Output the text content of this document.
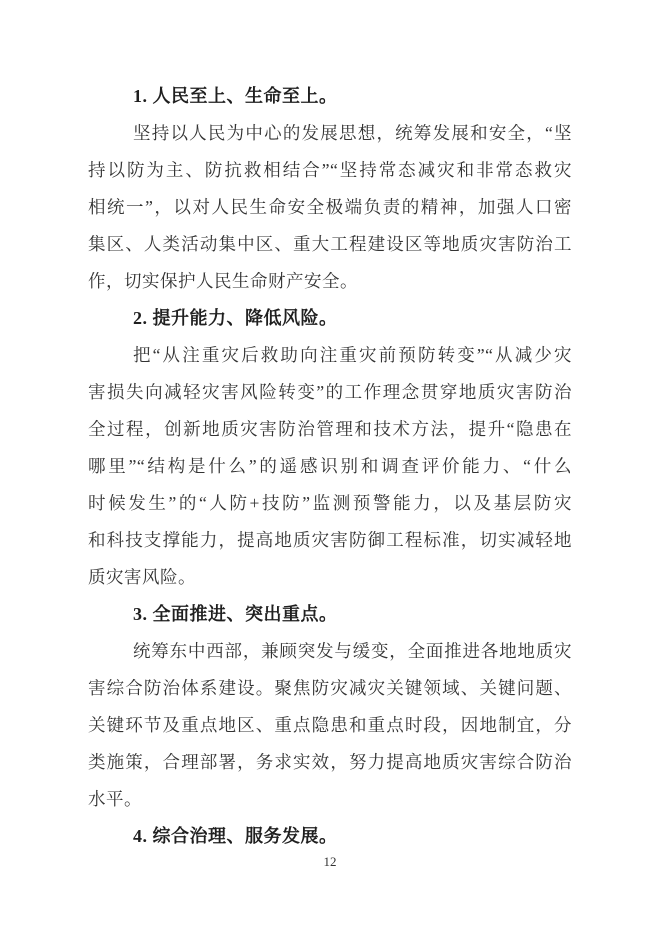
1. 人民至上、生命至上。
坚持以人民为中心的发展思想，统筹发展和安全，“坚
持以防为主、防抗救相结合”“坚持常态减灾和非常态救灾
相统一”，以对人民生命安全极端负责的精神，加强人口密
集区、人类活动集中区、重大工程建设区等地质灾害防治工
作，切实保护人民生命财产安全。
2. 提升能力、降低风险。
把“从注重灾后救助向注重灾前预防转变”“从减少灾
害损失向减轻灾害风险转变”的工作理念贯穿地质灾害防治
全过程，创新地质灾害防治管理和技术方法，提升“隐患在
哪里”“结构是什么”的遥感识别和调查评价能力、“什么
时候发生”的“人防+技防”监测预警能力，以及基层防灾
和科技支撑能力，提高地质灾害防御工程标准，切实减轻地
质灾害风险。
3. 全面推进、突出重点。
统筹东中西部，兼顾突发与缓变，全面推进各地地质灾
害综合防治体系建设。聚焦防灾减灾关键领域、关键问题、
关键环节及重点地区、重点隐患和重点时段，因地制宜，分
类施策，合理部署，务求实效，努力提高地质灾害综合防治
水平。
4. 综合治理、服务发展。
12
